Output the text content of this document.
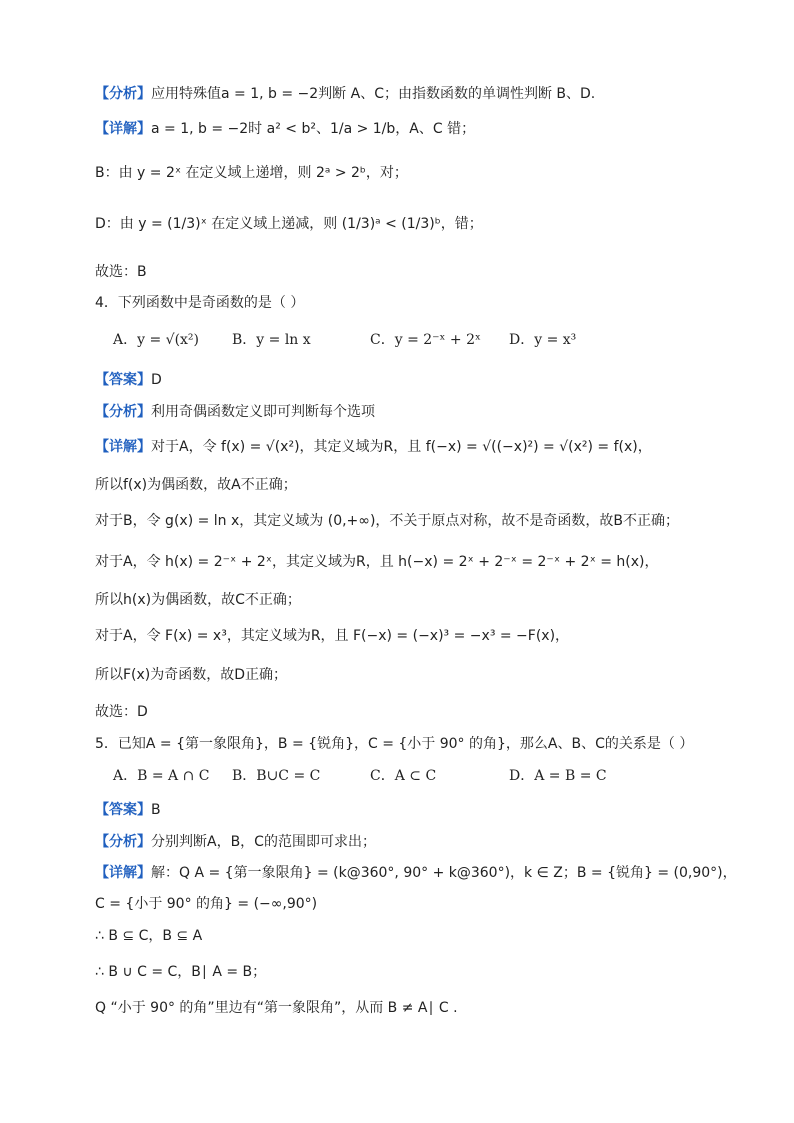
【分析】应用特殊值a = 1, b = −2判断 A、C；由指数函数的单调性判断 B、D.
【详解】a = 1, b = −2时 a² < b²、1/a > 1/b，A、C 错；
B：由 y = 2ˣ 在定义域上递增，则 2ᵃ > 2ᵇ，对；
D：由 y = (1/3)ˣ 在定义域上递减，则 (1/3)ᵃ < (1/3)ᵇ，错；
故选：B
4．下列函数中是奇函数的是（ ）
【答案】D
【分析】利用奇偶函数定义即可判断每个选项
【详解】对于A，令 f(x) = √(x²)，其定义域为R，且 f(−x) = √((−x)²) = √(x²) = f(x)，
所以f(x)为偶函数，故A不正确；
对于B，令 g(x) = ln x，其定义域为 (0,+∞)，不关于原点对称，故不是奇函数，故B不正确；
对于A，令 h(x) = 2⁻ˣ + 2ˣ，其定义域为R，且 h(−x) = 2ˣ + 2⁻ˣ = 2⁻ˣ + 2ˣ = h(x)，
所以h(x)为偶函数，故C不正确；
对于A，令 F(x) = x³，其定义域为R，且 F(−x) = (−x)³ = −x³ = −F(x)，
所以F(x)为奇函数，故D正确；
故选：D
5．已知A = {第一象限角}，B = {锐角}，C = {小于 90° 的角}，那么A、B、C的关系是（ ）
【答案】B
【分析】分别判断A，B，C的范围即可求出；
【详解】解：Q A = {第一象限角} = (k@360°, 90° + k@360°)，k ∈ Z；B = {锐角} = (0,90°)，
C = {小于 90° 的角} = (−∞,90°)
∴ B ⊆ C，B ⊆ A
∴ B ∪ C = C，B∣ A = B；
Q “小于 90° 的角”里边有“第一象限角”，从而 B ≠ A∣ C .
A．y = √(x²) B．y = ln x	C．y = 2⁻ˣ + 2ˣ D．y = x³
A．B = A ∩ C B．B∪C = C	C．A ⊂ C	D．A = B = C
